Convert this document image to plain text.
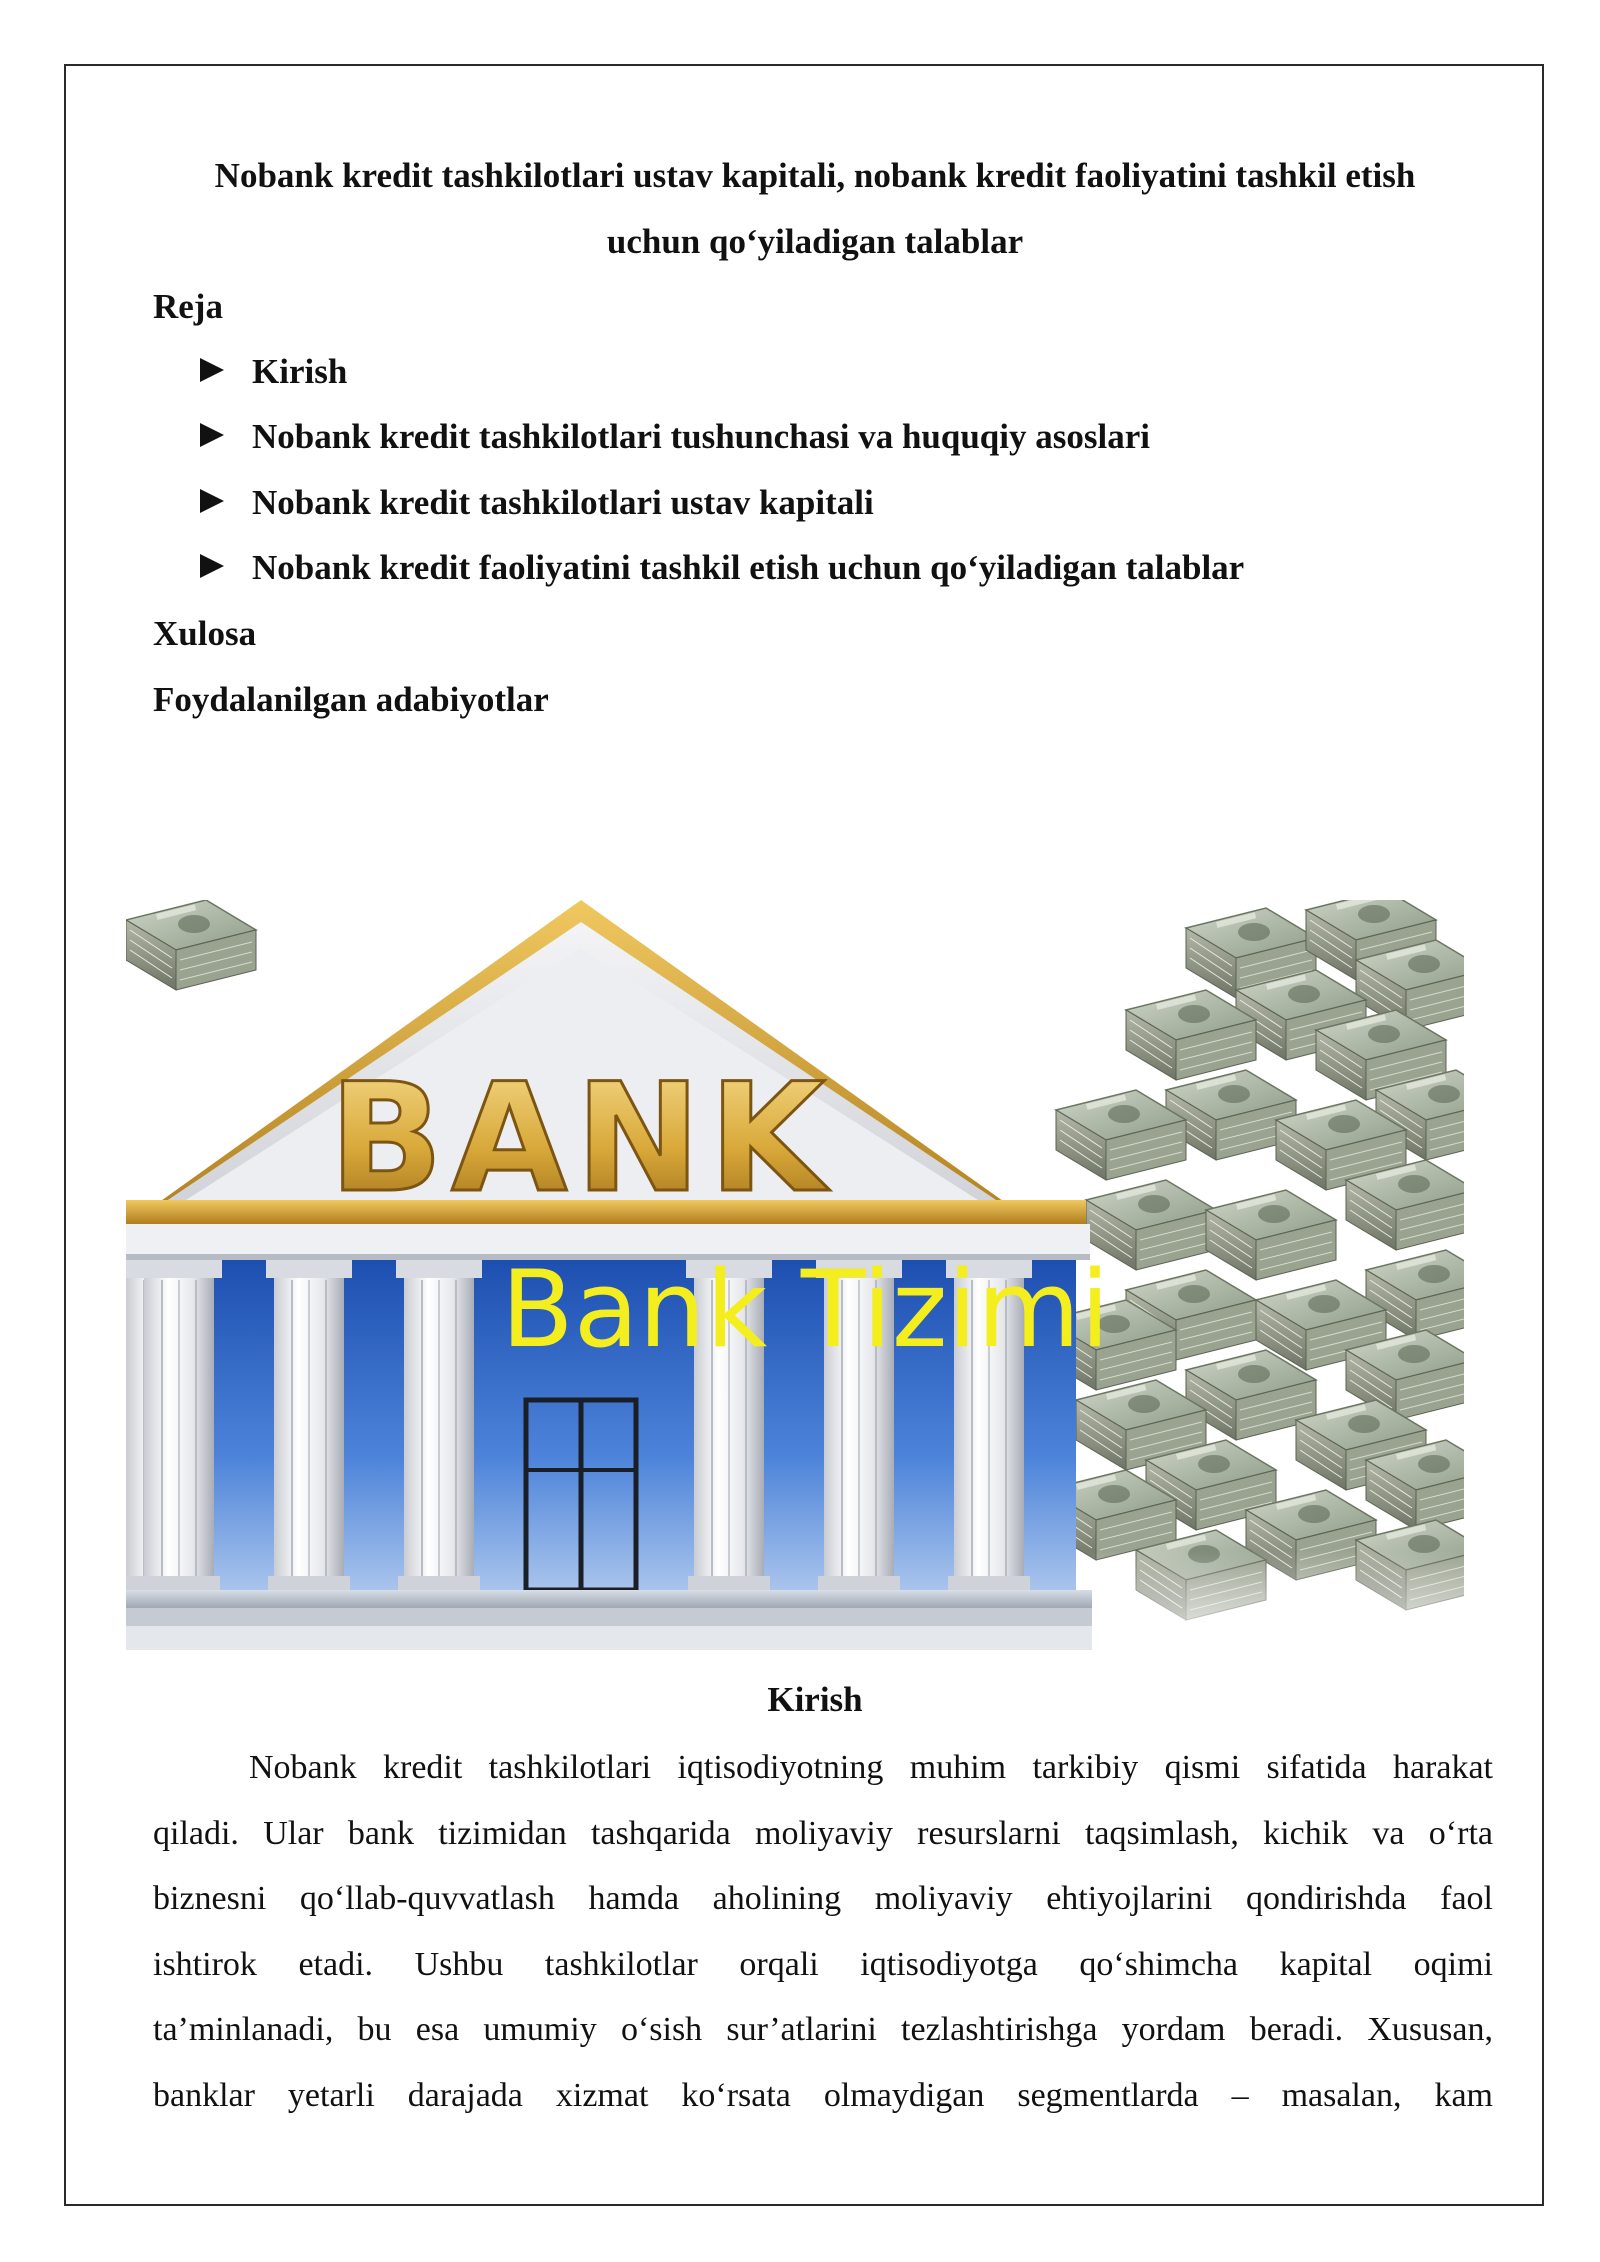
Nobank kredit tashkilotlari ustav kapitali, nobank kredit faoliyatini tashkil etish
uchun qo‘yiladigan talablar

Reja

Kirish
Nobank kredit tashkilotlari tushunchasi va huquqiy asoslari
Nobank kredit tashkilotlari ustav kapitali
Nobank kredit faoliyatini tashkil etish uchun qo‘yiladigan talablar

Xulosa

Foydalanilgan adabiyotlar

BANK
Bank Tizimi
Kirish
Nobank kredit tashkilotlari iqtisodiyotning muhim tarkibiy qismi sifatida harakat
qiladi. Ular bank tizimidan tashqarida moliyaviy resurslarni taqsimlash, kichik va o‘rta
biznesni qo‘llab-quvvatlash hamda aholining moliyaviy ehtiyojlarini qondirishda faol
ishtirok etadi. Ushbu tashkilotlar orqali iqtisodiyotga qo‘shimcha kapital oqimi
ta’minlanadi, bu esa umumiy o‘sish sur’atlarini tezlashtirishga yordam beradi. Xususan,
banklar yetarli darajada xizmat ko‘rsata olmaydigan segmentlarda – masalan, kam
